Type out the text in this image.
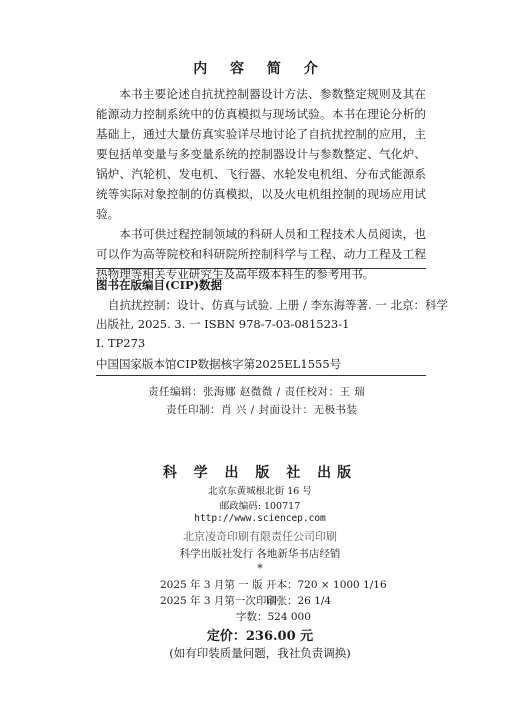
内 容 简 介

本书主要论述自抗扰控制器设计方法、参数整定规则及其在能源动力控制系统中的仿真模拟与现场试验。本书在理论分析的基础上，通过大量仿真实验详尽地讨论了自抗扰控制的应用，主要包括单变量与多变量系统的控制器设计与参数整定、气化炉、锅炉、汽轮机、发电机、飞行器、水轮发电机组、分布式能源系统等实际对象控制的仿真模拟，以及火电机组控制的现场应用试验。

本书可供过程控制领域的科研人员和工程技术人员阅读，也可以作为高等院校和科研院所控制科学与工程、动力工程及工程热物理等相关专业研究生及高年级本科生的参考用书。

图书在版编目(CIP)数据
自抗扰控制：设计、仿真与试验. 上册 / 李东海等著. 一 北京：科学
出版社, 2025. 3. 一 ISBN 978-7-03-081523-1
Ⅰ. TP273
中国国家版本馆CIP数据核字第2025EL1555号
责任编辑：张海娜 赵微微 / 责任校对：王 瑞
责任印制：肖 兴 / 封面设计：无极书装
科 学 出 版 社 出版
北京东黄城根北街 16 号
邮政编码: 100717
http://www.sciencep.com
北京凌奇印刷有限责任公司印刷
科学出版社发行 各地新华书店经销
*
2025 年 3 月第 一 版 开本：720 × 1000 1/16
2025 年 3 月第一次印刷
印张：26 1/4
字数：524 000
定价：236.00 元
(如有印装质量问题，我社负责调换)
